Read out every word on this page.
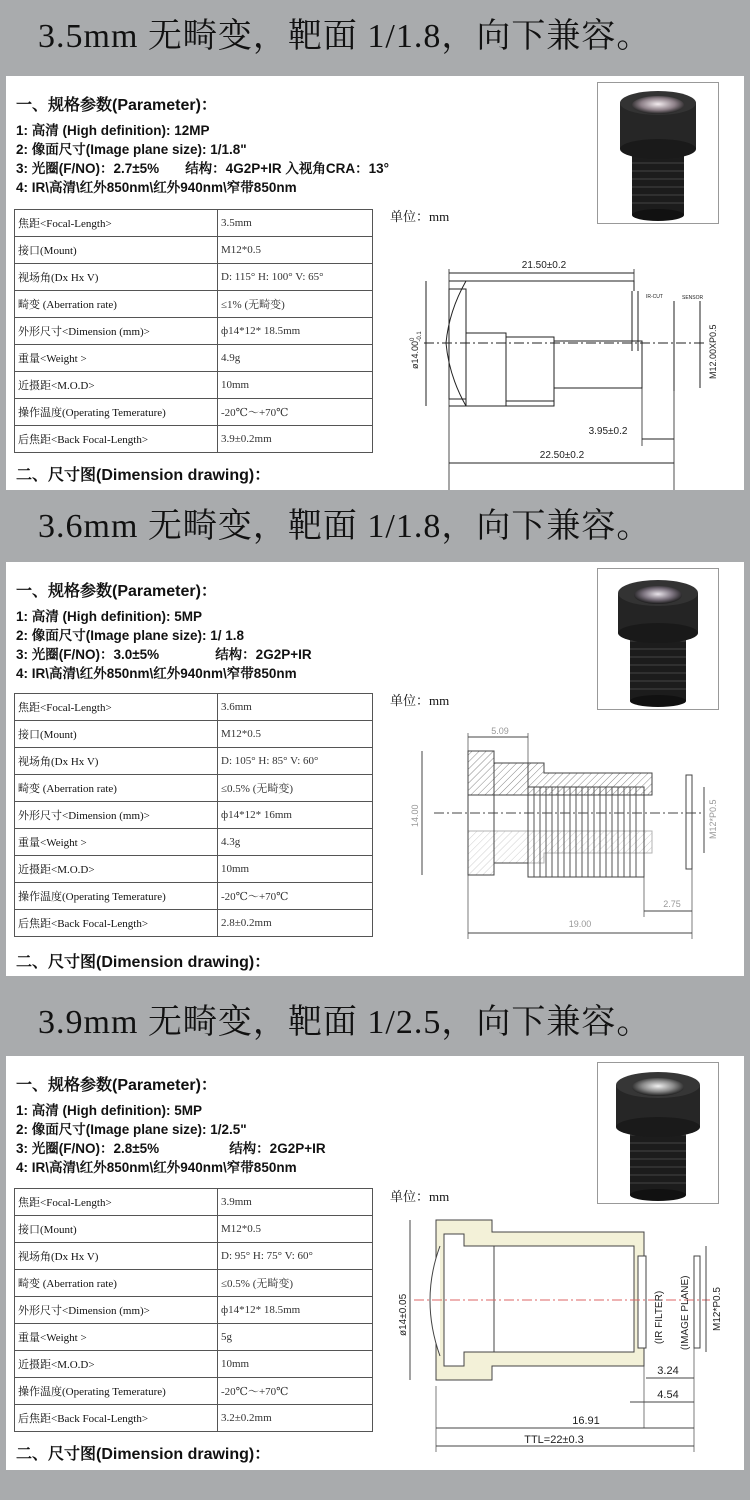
3.5mm 无畸变，靶面 1/1.8，向下兼容。
一、规格参数(Parameter)：
1: 高清 (High definition): 12MP
2: 像面尺寸(Image plane size): 1/1.8"
3: 光圈(F/NO)：2.7±5% 结构：4G2P+IR 入视角CRA：13°
4: IR\高清\红外850nm\红外940nm\窄带850nm
焦距<Focal-Length>	3.5mm
接口(Mount)	M12*0.5
视场角(Dx Hx V)	D: 115° H: 100° V: 65°
畸变 (Aberration rate)	≤1% (无畸变)
外形尺寸<Dimension (mm)>	ф14*12* 18.5mm
重量<Weight >	4.9g
近摄距<M.O.D>	10mm
操作温度(Operating Temerature)	-20℃～+70℃
后焦距<Back Focal-Length>	3.9±0.2mm
二、尺寸图(Dimension drawing)：
单位：mm
21.50±0.2
22.50±0.2
3.95±0.2
ø14.00$^0$-0.1	M12.00XP0.5
IR-CUT	SENSOR
3.6mm 无畸变，靶面 1/1.8，向下兼容。
一、规格参数(Parameter)：
1: 高清 (High definition): 5MP
2: 像面尺寸(Image plane size): 1/ 1.8
3: 光圈(F/NO)：3.0±5%	结构：2G2P+IR
4: IR\高清\红外850nm\红外940nm\窄带850nm
焦距<Focal-Length>	3.6mm
接口(Mount)	M12*0.5
视场角(Dx Hx V)	D: 105° H: 85° V: 60°
畸变 (Aberration rate)	≤0.5% (无畸变)
外形尺寸<Dimension (mm)>	ф14*12* 16mm
重量<Weight >	4.3g
近摄距<M.O.D>	10mm
操作温度(Operating Temerature)	-20℃～+70℃
后焦距<Back Focal-Length>	2.8±0.2mm
二、尺寸图(Dimension drawing)：
单位：mm
5.09
19.00
2.75
14.00	M12*P0.5
3.9mm 无畸变，靶面 1/2.5，向下兼容。
一、规格参数(Parameter)：
1: 高清 (High definition): 5MP
2: 像面尺寸(Image plane size): 1/2.5"
3: 光圈(F/NO)：2.8±5%	结构：2G2P+IR
4: IR\高清\红外850nm\红外940nm\窄带850nm
焦距<Focal-Length>	3.9mm
接口(Mount)	M12*0.5
视场角(Dx Hx V)	D: 95° H: 75° V: 60°
畸变 (Aberration rate)	≤0.5% (无畸变)
外形尺寸<Dimension (mm)>	ф14*12* 18.5mm
重量<Weight >	5g
近摄距<M.O.D>	10mm
操作温度(Operating Temerature)	-20℃～+70℃
后焦距<Back Focal-Length>	3.2±0.2mm
二、尺寸图(Dimension drawing)：
单位：mm
ø14±0.05	M12*P0.5
(IR FILTER) (IMAGE PLANE)
3.24
4.54
16.91
TTL=22±0.3
